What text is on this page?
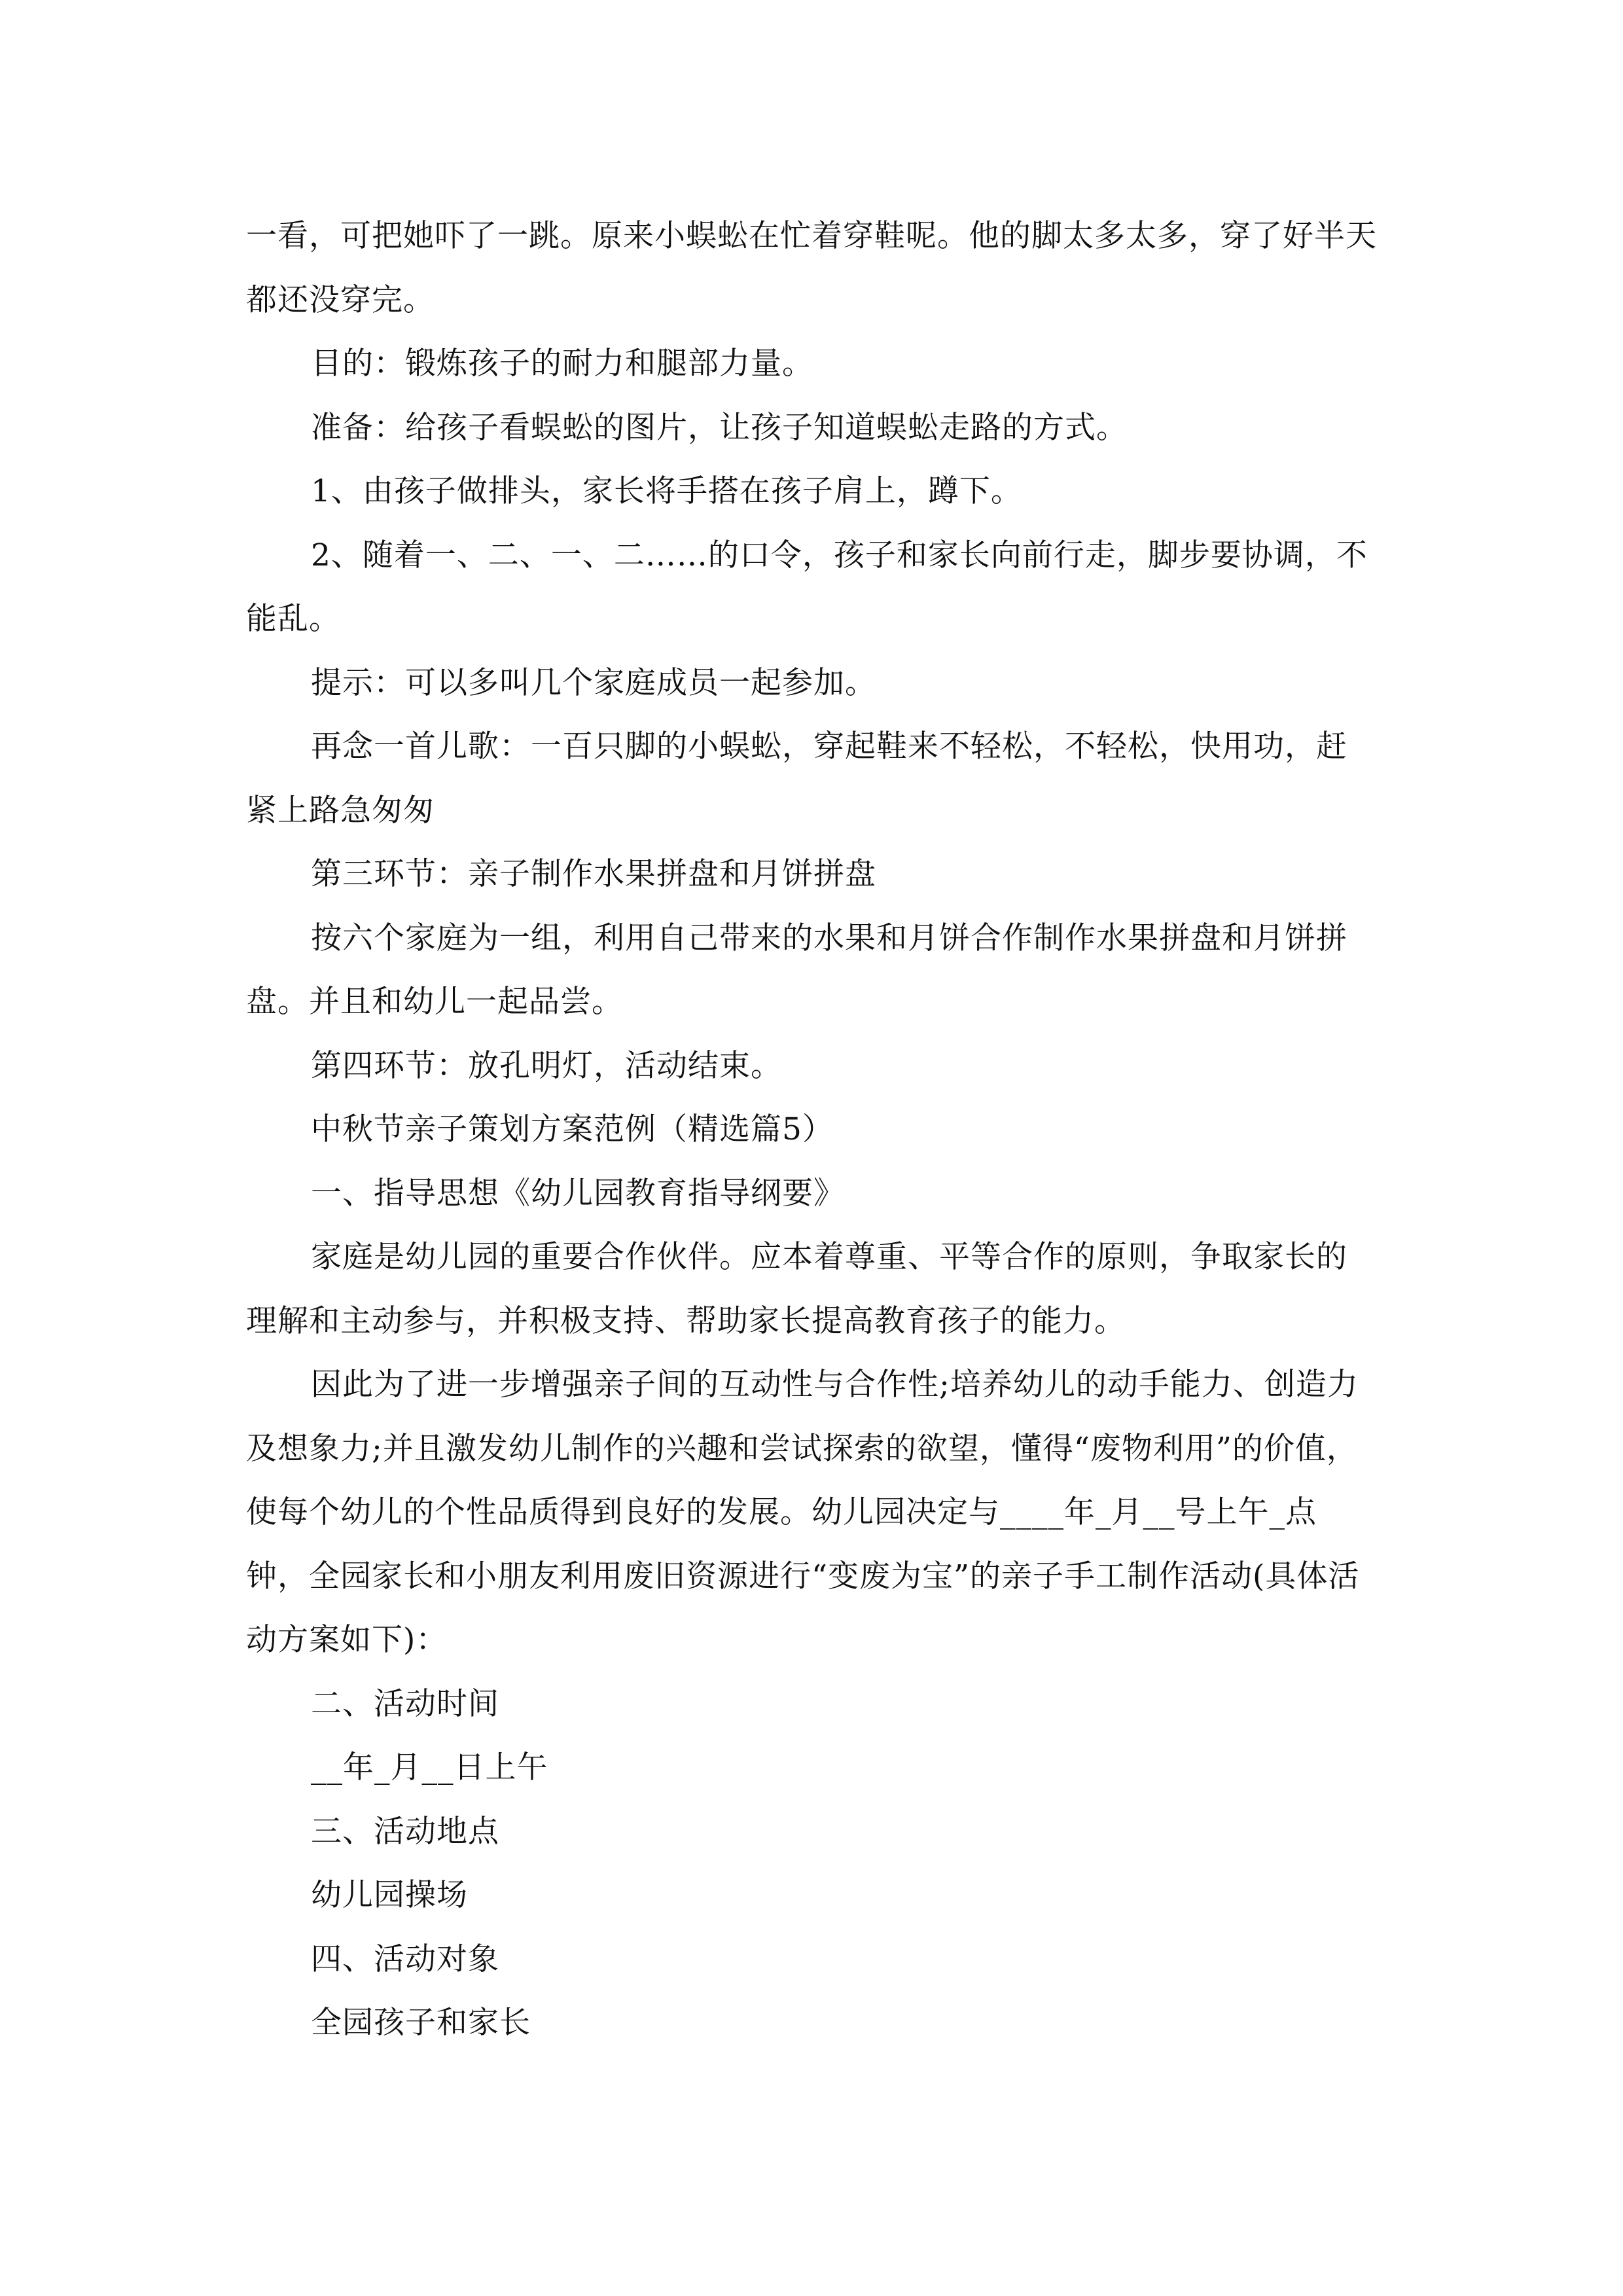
一看，可把她吓了一跳。原来小蜈蚣在忙着穿鞋呢。他的脚太多太多，穿了好半天都还没穿完。

目的：锻炼孩子的耐力和腿部力量。

准备：给孩子看蜈蚣的图片，让孩子知道蜈蚣走路的方式。

1、由孩子做排头，家长将手搭在孩子肩上，蹲下。

2、随着一、二、一、二……的口令，孩子和家长向前行走，脚步要协调，不能乱。

提示：可以多叫几个家庭成员一起参加。

再念一首儿歌：一百只脚的小蜈蚣，穿起鞋来不轻松，不轻松，快用功，赶紧上路急匆匆

第三环节：亲子制作水果拼盘和月饼拼盘

按六个家庭为一组，利用自己带来的水果和月饼合作制作水果拼盘和月饼拼盘。并且和幼儿一起品尝。

第四环节：放孔明灯，活动结束。

中秋节亲子策划方案范例（精选篇5）

一、指导思想《幼儿园教育指导纲要》

家庭是幼儿园的重要合作伙伴。应本着尊重、平等合作的原则，争取家长的理解和主动参与，并积极支持、帮助家长提高教育孩子的能力。

因此为了进一步增强亲子间的互动性与合作性;培养幼儿的动手能力、创造力及想象力;并且激发幼儿制作的兴趣和尝试探索的欲望，懂得“废物利用”的价值，使每个幼儿的个性品质得到良好的发展。幼儿园决定与____年_月__号上午_点钟，全园家长和小朋友利用废旧资源进行“变废为宝”的亲子手工制作活动(具体活动方案如下)：

二、活动时间

__年_月__日上午

三、活动地点

幼儿园操场

四、活动对象

全园孩子和家长
